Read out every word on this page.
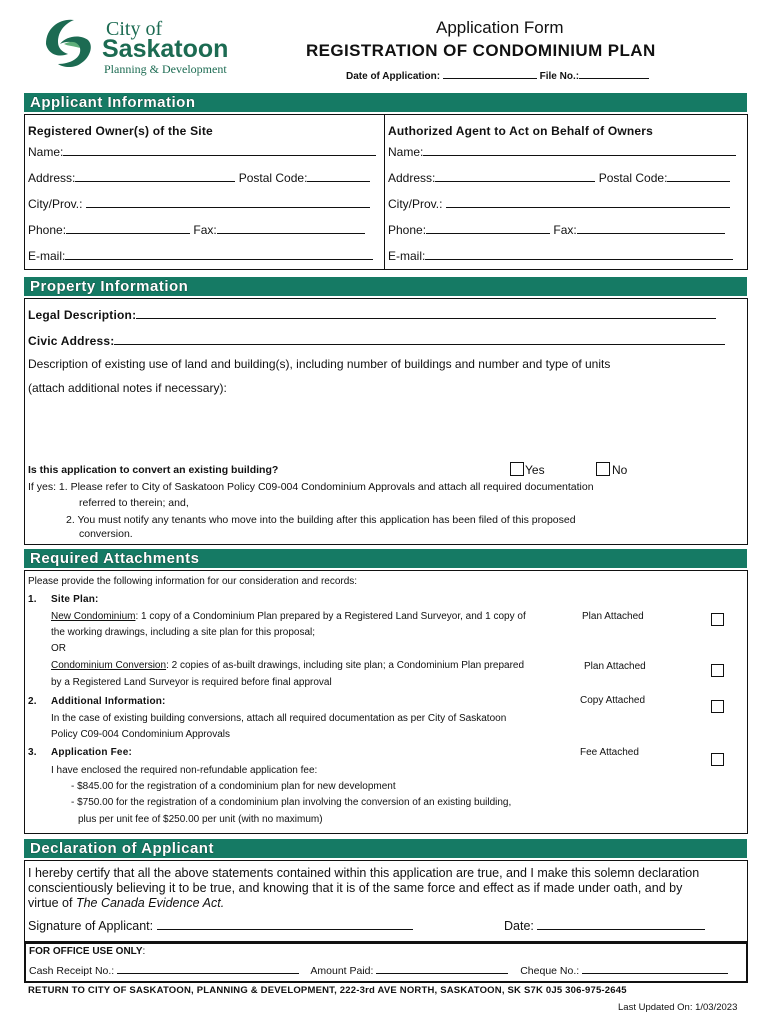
City of
Saskatoon
Planning & Development
Application Form
REGISTRATION OF CONDOMINIUM PLAN
Date of Application:	File No.:
Applicant Information
Registered Owner(s) of the Site	Authorized Agent to Act on Behalf of Owners
Name:
Address:	Postal Code:
City/Prov.:
Phone:	Fax:
E-mail:
Name:
Address:	Postal Code:
City/Prov.:
Phone:	Fax:
E-mail:
Property Information
Legal Description:
Civic Address:
Description of existing use of land and building(s), including number of buildings and number and type of units
(attach additional notes if necessary):
Is this application to convert an existing building?	Yes	No
If yes: 1. Please refer to City of Saskatoon Policy C09-004 Condominium Approvals and attach all required documentation
referred to therein; and,
2. You must notify any tenants who move into the building after this application has been filed of this proposed
conversion.
Required Attachments
Please provide the following information for our consideration and records:
1. Site Plan:
New Condominium: 1 copy of a Condominium Plan prepared by a Registered Land Surveyor, and 1 copy of
the working drawings, including a site plan for this proposal;
OR
Condominium Conversion: 2 copies of as-built drawings, including site plan; a Condominium Plan prepared
by a Registered Land Surveyor is required before final approval
Plan Attached
Plan Attached
2. Additional Information:
In the case of existing building conversions, attach all required documentation as per City of Saskatoon
Policy C09-004 Condominium Approvals
Copy Attached
3. Application Fee:
I have enclosed the required non-refundable application fee:
- $845.00 for the registration of a condominium plan for new development
- $750.00 for the registration of a condominium plan involving the conversion of an existing building,
plus per unit fee of $250.00 per unit (with no maximum)
Fee Attached
Declaration of Applicant
I hereby certify that all the above statements contained within this application are true, and I make this solemn declaration
conscientiously believing it to be true, and knowing that it is of the same force and effect as if made under oath, and by
virtue of The Canada Evidence Act.
Signature of Applicant:	Date:
FOR OFFICE USE ONLY:
Cash Receipt No.:	Amount Paid:	Cheque No.:
RETURN TO CITY OF SASKATOON, PLANNING & DEVELOPMENT, 222-3rd AVE NORTH, SASKATOON, SK S7K 0J5 306-975-2645
Last Updated On: 1/03/2023
